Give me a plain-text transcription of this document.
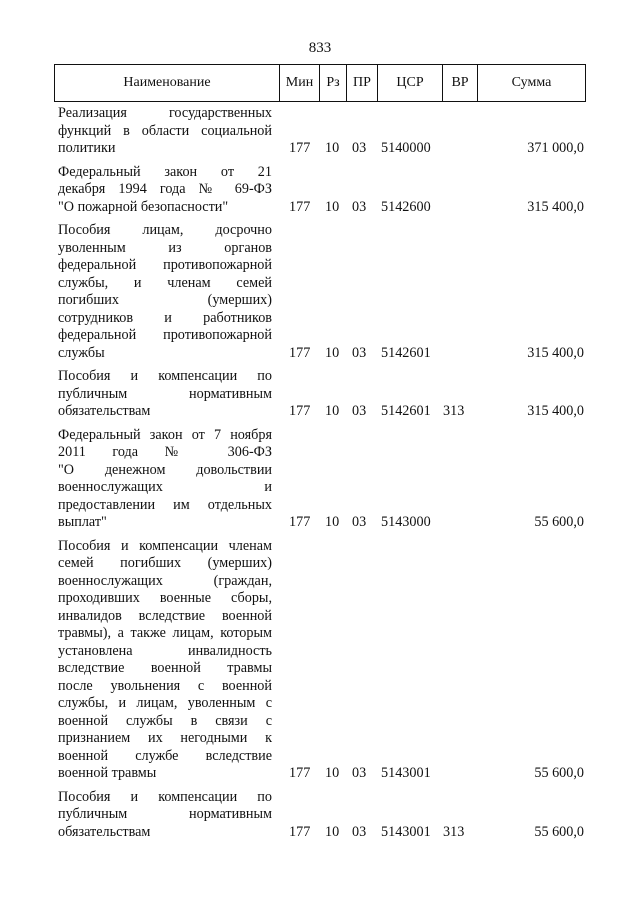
833
Наименование	Мин Рз ПР	ЦСР	ВР	Сумма
Реализация государственных
функций в области социальной
политики	177 10 03 5140000	371 000,0
Федеральный закон от 21
декабря 1994 года № 69-ФЗ
"О пожарной безопасности"	177 10 03 5142600	315 400,0
Пособия лицам, досрочно
уволенным из органов
федеральной противопожарной
службы, и членам семей
погибших (умерших)
сотрудников и работников
федеральной противопожарной
службы	177 10 03 5142601	315 400,0
Пособия и компенсации по
публичным нормативным
обязательствам	177 10 03 5142601 313	315 400,0
Федеральный закон от 7 ноября
2011 года № 306-ФЗ
"О денежном довольствии
военнослужащих и
предоставлении им отдельных
выплат"	177 10 03 5143000	55 600,0
Пособия и компенсации членам
семей погибших (умерших)
военнослужащих (граждан,
проходивших военные сборы,
инвалидов вследствие военной
травмы), а также лицам, которым
установлена инвалидность
вследствие военной травмы
после увольнения с военной
службы, и лицам, уволенным с
военной службы в связи с
признанием их негодными к
военной службе вследствие
военной травмы	177 10 03 5143001	55 600,0
Пособия и компенсации по
публичным нормативным
обязательствам	177 10 03 5143001 313	55 600,0
